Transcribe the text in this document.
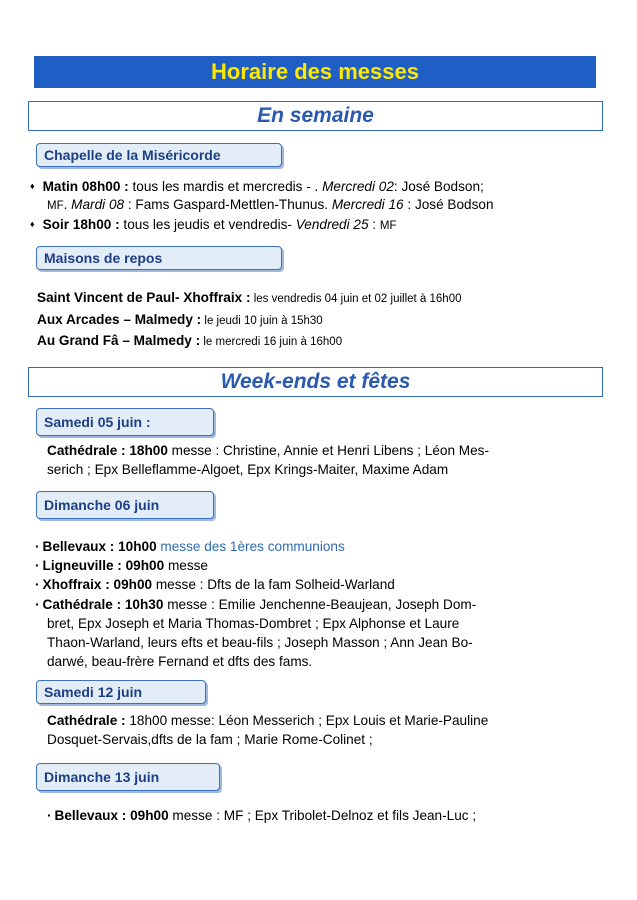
Horaire des messes
En semaine
Chapelle de la Miséricorde
♦ Matin 08h00 : tous les mardis et mercredis - . Mercredi 02: José Bodson;
MF. Mardi 08 : Fams Gaspard-Mettlen-Thunus. Mercredi 16 : José Bodson
♦ Soir 18h00 : tous les jeudis et vendredis- Vendredi 25 : MF
Maisons de repos
Saint Vincent de Paul- Xhoffraix : les vendredis 04 juin et 02 juillet à 16h00
Aux Arcades – Malmedy : le jeudi 10 juin à 15h30
Au Grand Fâ – Malmedy : le mercredi 16 juin à 16h00
Week-ends et fêtes
Samedi 05 juin :
Cathédrale : 18h00 messe : Christine, Annie et Henri Libens ; Léon Mes-
serich ; Epx Belleflamme-Algoet, Epx Krings-Maiter, Maxime Adam
Dimanche 06 juin
· Bellevaux : 10h00 messe des 1ères communions
· Ligneuville : 09h00 messe
· Xhoffraix : 09h00 messe : Dfts de la fam Solheid-Warland
· Cathédrale : 10h30 messe : Emilie Jenchenne-Beaujean, Joseph Dom-
bret, Epx Joseph et Maria Thomas-Dombret ; Epx Alphonse et Laure
Thaon-Warland, leurs efts et beau-fils ; Joseph Masson ; Ann Jean Bo-
darwé, beau-frère Fernand et dfts des fams.
Samedi 12 juin
Cathédrale : 18h00 messe: Léon Messerich ; Epx Louis et Marie-Pauline
Dosquet-Servais,dfts de la fam ; Marie Rome-Colinet ;
Dimanche 13 juin
· Bellevaux : 09h00 messe : MF ; Epx Tribolet-Delnoz et fils Jean-Luc ;
